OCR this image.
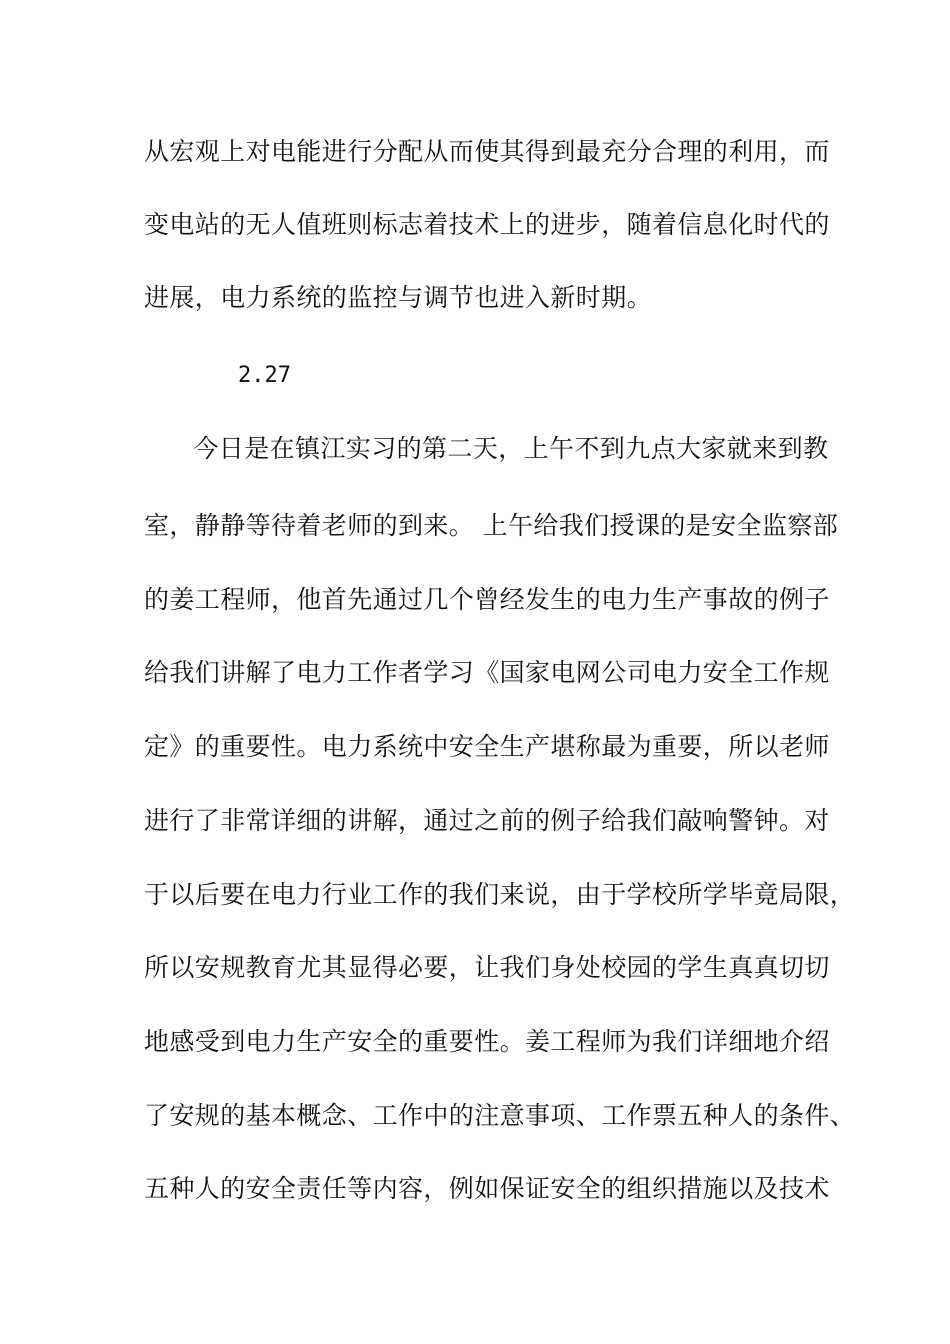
从宏观上对电能进行分配从而使其得到最充分合理的利用，而
变电站的无人值班则标志着技术上的进步，随着信息化时代的
进展，电力系统的监控与调节也进入新时期。
2.27
　今日是在镇江实习的第二天，上午不到九点大家就来到教
室，静静等待着老师的到来。 上午给我们授课的是安全监察部
的姜工程师，他首先通过几个曾经发生的电力生产事故的例子
给我们讲解了电力工作者学习《国家电网公司电力安全工作规
定》的重要性。电力系统中安全生产堪称最为重要，所以老师
进行了非常详细的讲解，通过之前的例子给我们敲响警钟。对
于以后要在电力行业工作的我们来说，由于学校所学毕竟局限，
所以安规教育尤其显得必要，让我们身处校园的学生真真切切
地感受到电力生产安全的重要性。姜工程师为我们详细地介绍
了安规的基本概念、工作中的注意事项、工作票五种人的条件、
五种人的安全责任等内容，例如保证安全的组织措施以及技术
